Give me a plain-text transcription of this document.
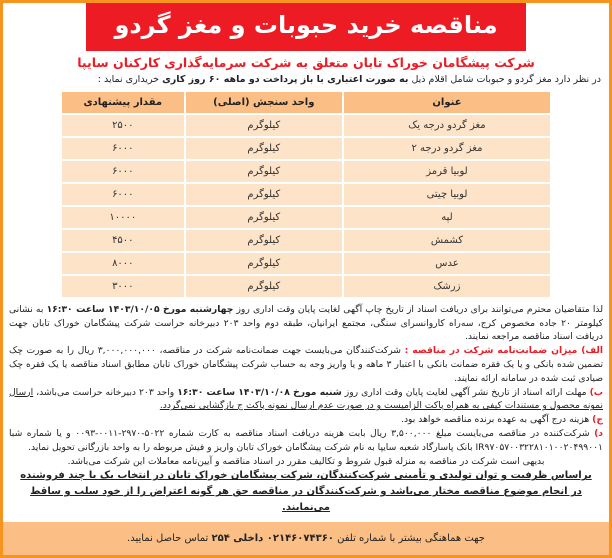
مناقصه خرید حبوبات و مغز گردو
شرکت پیشگامان خوراک تابان متعلق به شرکت سرمایه‌گذاری کارکنان سایپا
در نظر دارد مغز گردو و حبوبات شامل اقلام ذیل به صورت اعتباری با باز پرداخت دو ماهه ۶۰ روز کاری خریداری نماید :
عنوان	واحد سنجش (اصلی)	مقدار پیشنهادی
مغز گردو درجه یک	کیلوگرم	۲۵۰۰
مغز گردو درجه ۲	کیلوگرم	۶۰۰۰
لوبیا قرمز	کیلوگرم	۶۰۰۰
لوبیا چیتی	کیلوگرم	۶۰۰۰
لپه	کیلوگرم	۱۰۰۰۰
کشمش	کیلوگرم	۴۵۰۰
عدس	کیلوگرم	۸۰۰۰
زرشک	کیلوگرم	۳۰۰۰

لذا متقاضیان محترم می‌توانند برای دریافت اسناد از تاریخ چاپ آگهی لغایت پایان وقت اداری روز چهارشنبه مورخ ۱۴۰۳/۱۰/۰۵ ساعت ۱۶:۳۰ به نشانی کیلومتر ۲۰ جاده مخصوص کرج، سه‌راه کاروانسرای سنگی، مجتمع ایرانیان، طبقه دوم واحد ۲۰۳ دبیرخانه حراست شرکت پیشگامان خوراک تابان جهت دریافت اسناد مناقصه مراجعه نمایند.

الف) میزان ضمانت‌نامه شرکت در مناقصه : شرکت‌کنندگان می‌بایست جهت ضمانت‌نامه شرکت در مناقصه، ۳,۰۰۰,۰۰۰,۰۰۰ ریال را به صورت چک تضمین شده بانکی و یا یک فقره ضمانت بانکی با اعتبار ۳ ماهه و یا واریز وجه به حساب شرکت پیشگامان خوراک تابان مطابق اسناد مناقصه یا یک فقره چک صیادی ثبت شده در سامانه ارائه نمایند.

ب) مهلت ارائه اسناد از تاریخ نشر آگهی لغایت پایان وقت اداری روز شنبه مورخ ۱۴۰۳/۱۰/۰۸ ساعت ۱۶:۳۰ واحد ۲۰۳ دبیرخانه حراست می‌باشد، ارسال نمونه محصول و مستندات کیفی به همراه پاکت الزامیست و در صورت عدم ارسال نمونه پاکت ج بازگشایی نمی‌گردد.

ج) هزینه درج آگهی به عهده برنده مناقصه خواهد بود.

د) شرکت‌کننده در مناقصه می‌بایست مبلغ ۳,۵۰۰,۰۰۰ ریال بابت هزینه دریافت اسناد مناقصه به کارت شماره ۵۰۲۲-۲۹۷۰-۰۰۱۱-۰۰۹۳ و یا شماره شبا IR۹۷۰۵۷۰۰۳۲۲۸۱۰۱۰۰۲۰۴۹۹۰۰۱ بانک پاسارگاد شعبه سایپا به نام شرکت پیشگامان خوراک تابان واریز و فیش مربوطه را به واحد بازرگانی تحویل نماید.

بدیهی است شرکت در مناقصه به منزله قبول شروط و تکالیف مقرر در اسناد مناقصه و آیین‌نامه معاملات این شرکت می‌باشد.

براساس ظرفیت و توان تولیدی و تأمینی شرکت‌کنندگان، شرکت پیشگامان خوراک تابان در انتخاب یک یا چند فروشنده

در انجام موضوع مناقصه مختار می‌باشد و شرکت‌کنندگان در مناقصه حق هر گونه اعتراض را از خود سلب و ساقط می‌نمایند.

جهت هماهنگی بیشتر با شماره تلفن ۰۲۱۴۶۰۷۴۳۶۰ داخلی ۲۵۴ تماس حاصل نمایید.
